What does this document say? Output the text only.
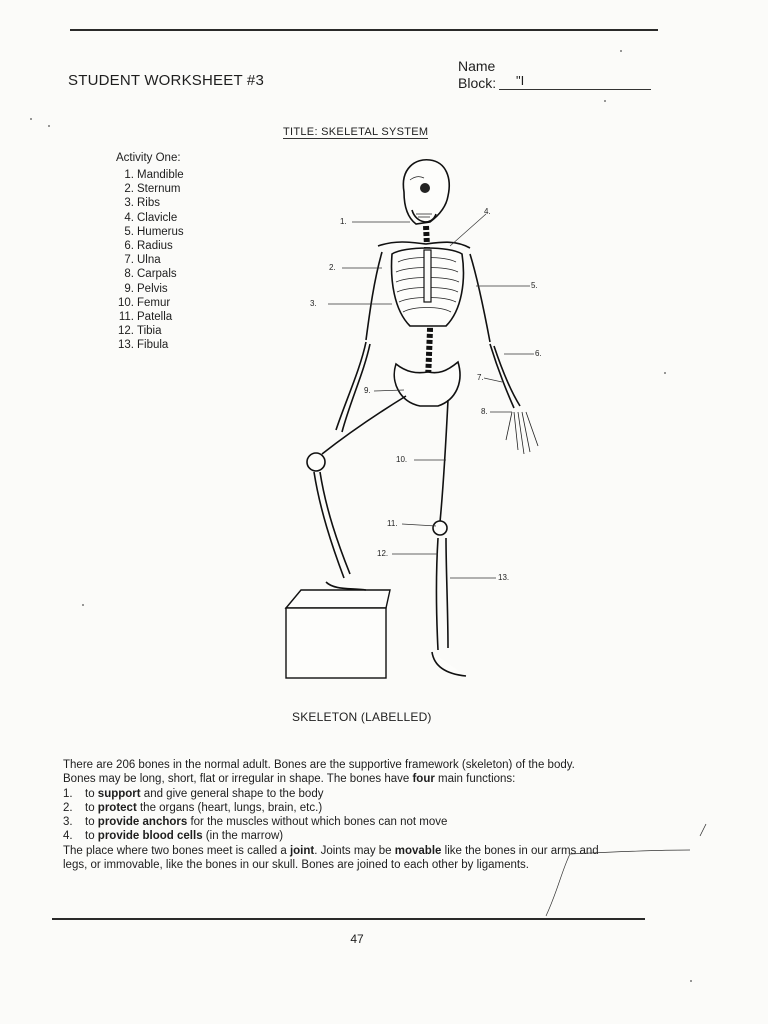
STUDENT WORKSHEET #3
Name
Block: "I
TITLE: SKELETAL SYSTEM
Activity One:
1. Mandible
2. Sternum
3. Ribs
4. Clavicle
5. Humerus
6. Radius
7. Ulna
8. Carpals
9. Pelvis
10. Femur
11. Patella
12. Tibia
13. Fibula
1.
2.
3.
4.
5.
6.
7.
8.
9.
10.
11.
12.
13.
SKELETON (LABELLED)

There are 206 bones in the normal adult. Bones are the supportive framework (skeleton) of the body.

Bones may be long, short, flat or irregular in shape. The bones have four main functions:

1. to support and give general shape to the body
2. to protect the organs (heart, lungs, brain, etc.)
3. to provide anchors for the muscles without which bones can not move
4. to provide blood cells (in the marrow)

The place where two bones meet is called a joint. Joints may be movable like the bones in our arms and

legs, or immovable, like the bones in our skull. Bones are joined to each other by ligaments.

47
